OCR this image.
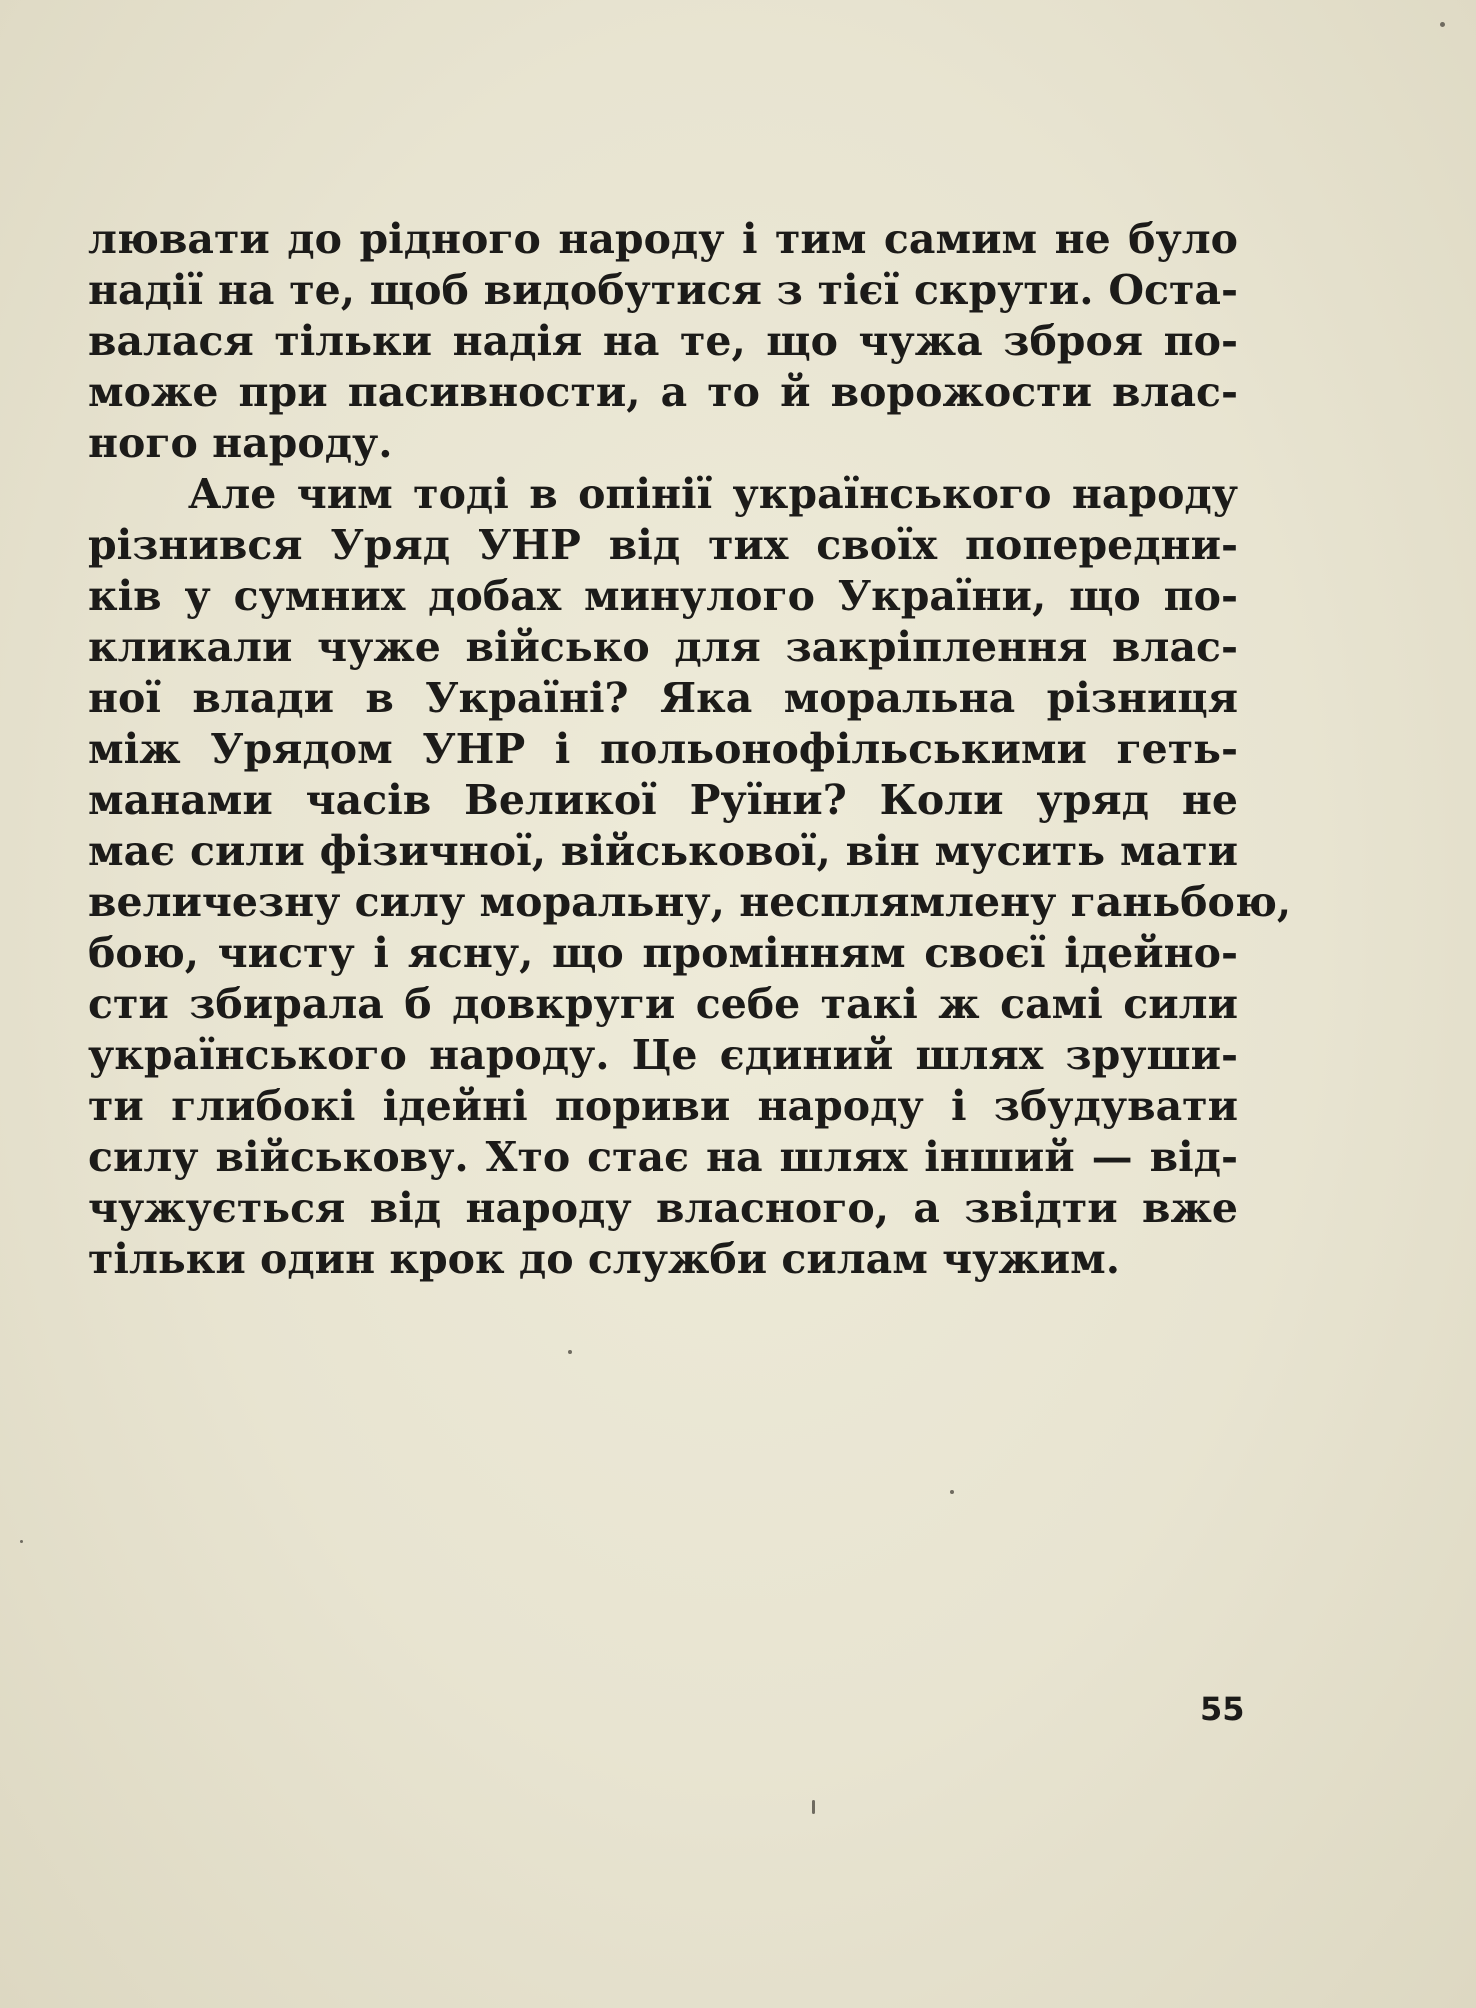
лювати до рідного народу і тим самим не було
надії на те, щоб видобутися з тієї скрути. Оста-
валася тільки надія на те, що чужа зброя по-
може при пасивности, а то й ворожости влас-
ного народу.
Але чим тоді в опінії українського народу
різнився Уряд УНР від тих своїх попередни-
ків у сумних добах минулого України, що по-
кликали чуже військо для закріплення влас-
ної влади в Україні? Яка моральна різниця
між Урядом УНР і польонофільськими геть-
манами часів Великої Руїни? Коли уряд не
має сили фізичної, військової, він мусить мати
величезну силу моральну, несплямлену ганьбою,
бою, чисту і ясну, що промінням своєї ідейно-
сти збирала б довкруги себе такі ж самі сили
українського народу. Це єдиний шлях зруши-
ти глибокі ідейні пориви народу і збудувати
силу військову. Хто стає на шлях інший — від-
чужується від народу власного, а звідти вже
тільки один крок до служби силам чужим.
55
